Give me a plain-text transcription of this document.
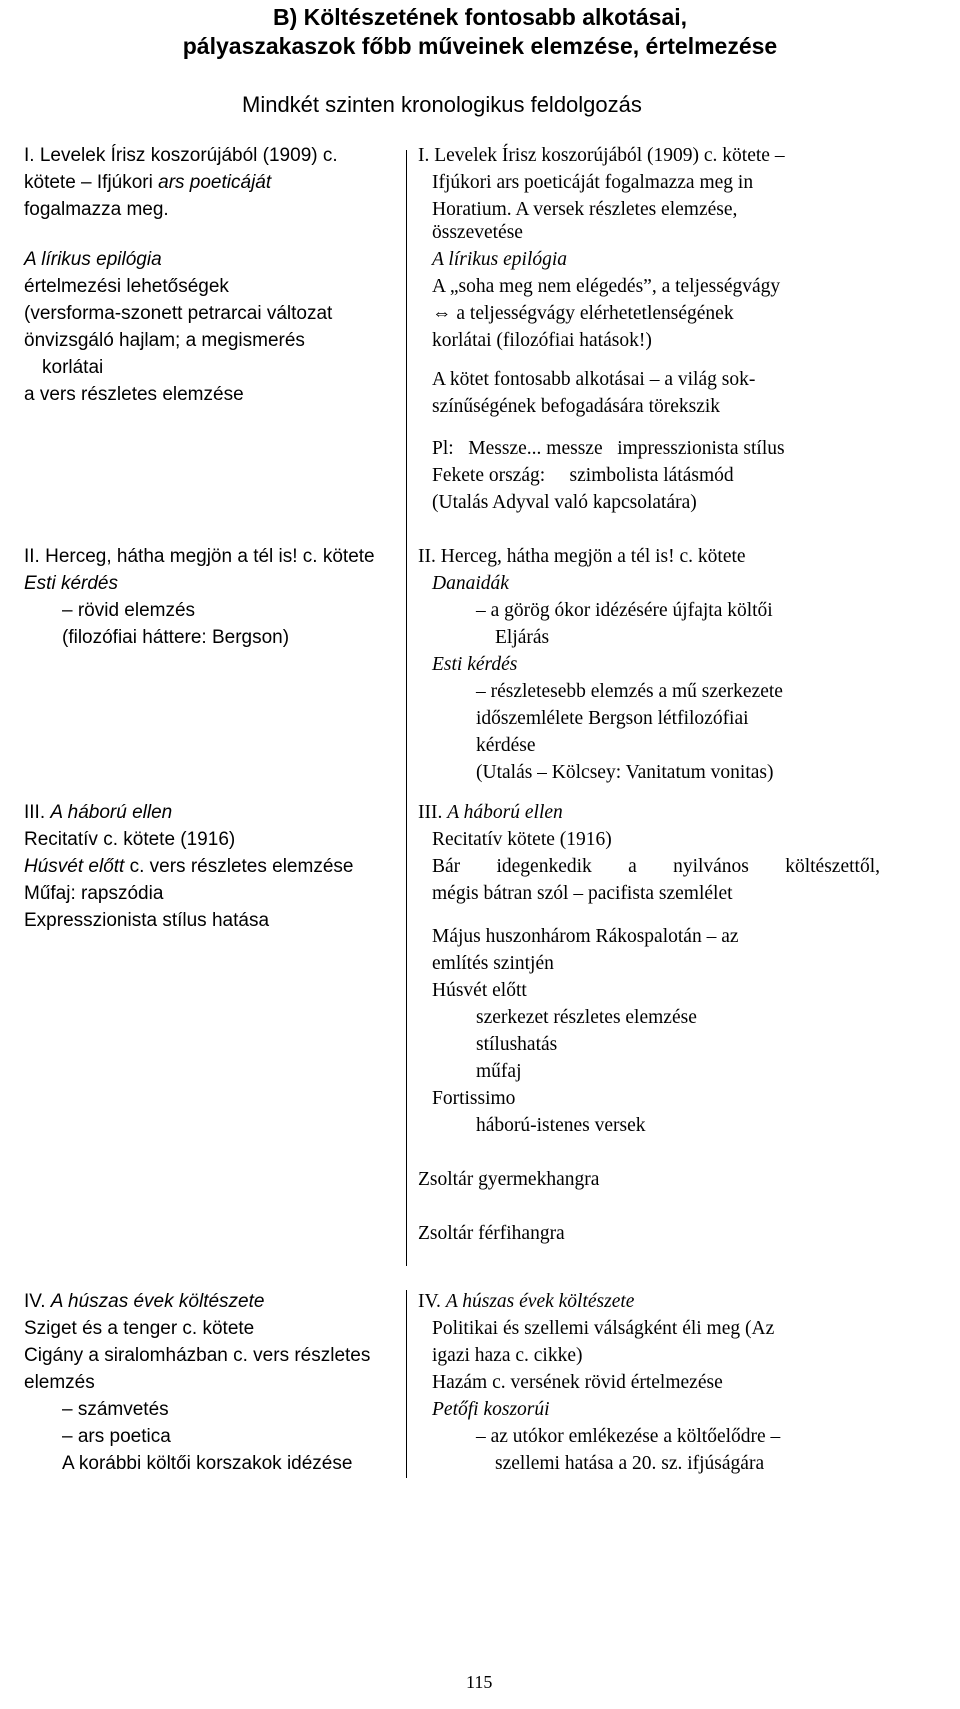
B) Költészetének fontosabb alkotásai,
pályaszakaszok főbb műveinek elemzése, értelmezése
Mindkét szinten kronologikus feldolgozás
I. Levelek Írisz koszorújából (1909) c.
kötete – Ifjúkori ars poeticáját
fogalmazza meg.
A lírikus epilógia
értelmezési lehetőségek
(versforma-szonett petrarcai változat
önvizsgáló hajlam; a megismerés
korlátai
a vers részletes elemzése
II. Herceg, hátha megjön a tél is! c. kötete
Esti kérdés
– rövid elemzés
(filozófiai háttere: Bergson)
III. A háború ellen
Recitatív c. kötete (1916)
Húsvét előtt c. vers részletes elemzése
Műfaj: rapszódia
Expresszionista stílus hatása
IV. A húszas évek költészete
Sziget és a tenger c. kötete
Cigány a siralomházban c. vers részletes
elemzés
– számvetés
– ars poetica
A korábbi költői korszakok idézése
I. Levelek Írisz koszorújából (1909) c. kötete –
Ifjúkori ars poeticáját fogalmazza meg in
Horatium. A versek részletes elemzése,
összevetése
A lírikus epilógia
A „soha meg nem elégedés”, a teljességvágy
⇔ a teljességvágy elérhetetlenségének
korlátai (filozófiai hatások!)
A kötet fontosabb alkotásai – a világ sok-
színűségének befogadására törekszik
Pl:   Messze... messze   impresszionista stílus
Fekete ország:     szimbolista látásmód
(Utalás Adyval való kapcsolatára)
II. Herceg, hátha megjön a tél is! c. kötete
Danaidák
– a görög ókor idézésére újfajta költői
Eljárás
Esti kérdés
– részletesebb elemzés a mű szerkezete
időszemlélete Bergson létfilozófiai
kérdése
(Utalás – Kölcsey: Vanitatum vonitas)
III. A háború ellen
Recitatív kötete (1916)
Bár idegenkedik a nyilvános költészettől,
mégis bátran szól – pacifista szemlélet
Május huszonhárom Rákospalotán – az
említés szintjén
Húsvét előtt
szerkezet részletes elemzése
stílushatás
műfaj
Fortissimo
háború-istenes versek
Zsoltár gyermekhangra
Zsoltár férfihangra
IV. A húszas évek költészete
Politikai és szellemi válságként éli meg (Az
igazi haza c. cikke)
Hazám c. versének rövid értelmezése
Petőfi koszorúi
– az utókor emlékezése a költőelődre –
szellemi hatása a 20. sz. ifjúságára
115
